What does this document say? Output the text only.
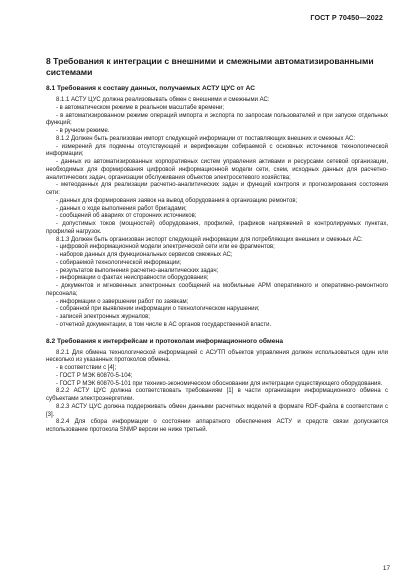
ГОСТ Р 70450—2022
8 Требования к интеграции с внешними и смежными автоматизированными системами
8.1 Требования к составу данных, получаемых АСТУ ЦУС от АС
8.1.1 АСТУ ЦУС должна реализовывать обмен с внешними и смежными АС:
- в автоматическом режиме в реальном масштабе времени;
- в автоматизированном режиме операций импорта и экспорта по запросам пользователей и при запуске отдельных функций;
- в ручном режиме.
8.1.2 Должен быть реализован импорт следующей информации от поставляющих внешних и смежных АС:
- измерений для подмены отсутствующей и верификации собираемой с основных источников технологической информации;
- данных из автоматизированных корпоративных систем управления активами и ресурсами сетевой организации, необходимых для формирования цифровой информационной модели сети, схем, исходных данных для расчетно-аналитических задач, организации обслуживания объектов электросетевого хозяйства;
- метеоданных для реализации расчетно-аналитических задач и функций контроля и прогнозирования состояния сети:
- данных для формирования заявок на вывод оборудования в организацию ремонтов;
- данных о ходе выполнения работ бригадами;
- сообщений об авариях от сторонних источников;
- допустимых токов (мощностей) оборудования, профилей, графиков напряжений в контролируемых пунктах, профилей нагрузок.
8.1.3 Должен быть организован экспорт следующей информации для потребляющих внешних и смежных АС:
- цифровой информационной модели электрической сети или ее фрагментов;
- наборов данных для функциональных сервисов смежных АС;
- собираемой технологической информации;
- результатов выполнения расчетно-аналитических задач;
- информации о фактах неисправности оборудования;
- документов и мгновенных электронных сообщений на мобильные АРМ оперативного и оперативно-ремонтного персонала;
- информации о завершении работ по заявкам;
- собранной при выявлении информации о технологическом нарушении;
- записей электронных журналов;
- отчетной документации, в том числе в АС органов государственной власти.
8.2 Требования к интерфейсам и протоколам информационного обмена
8.2.1 Для обмена технологической информацией с АСУТП объектов управления должен использоваться один или несколько из указанных протоколов обмена.
- в соответствии с [4];
- ГОСТ Р МЭК 60870-5-104;
- ГОСТ Р МЭК 60870-5-101 при технико-экономическом обосновании для интеграции существующего оборудования.
8.2.2 АСТУ ЦУС должна соответствовать требованиям [1] в части организации информационного обмена с субъектами электроэнергетики.
8.2.3 АСТУ ЦУС должна поддерживать обмен данными расчетных моделей в формате RDF-файла в соответствии с [3].
8.2.4 Для сбора информации о состоянии аппаратного обеспечения АСТУ и средств связи допускается использование протокола SNMP версии не ниже третьей.
17
